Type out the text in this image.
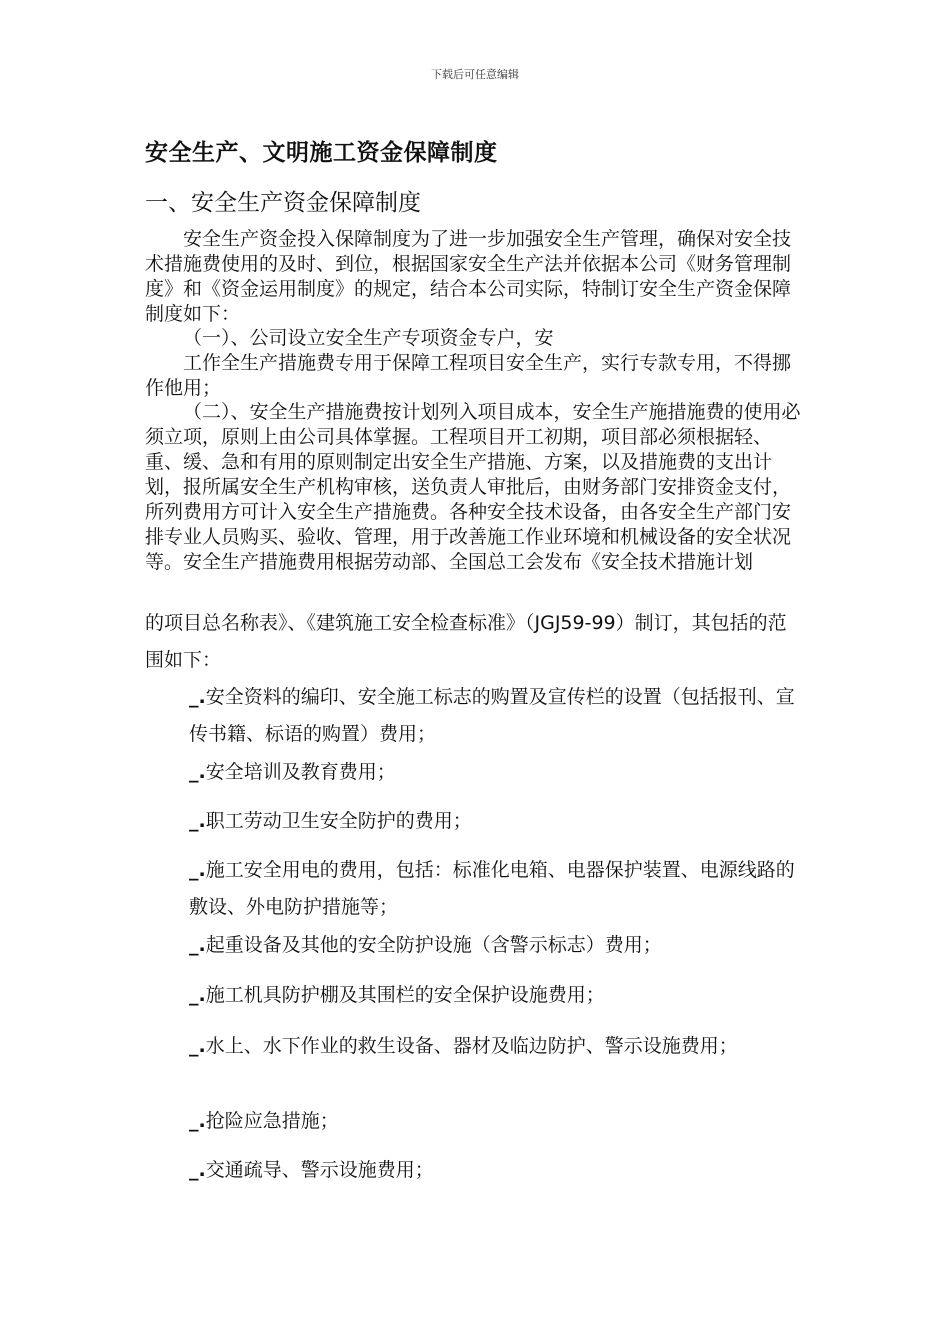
下载后可任意编辑
安全生产、文明施工资金保障制度
一、安全生产资金保障制度

安全生产资金投入保障制度为了进一步加强安全生产管理，确保对安全技术措施费使用的及时、到位，根据国家安全生产法并依据本公司《财务管理制度》和《资金运用制度》的规定，结合本公司实际，特制订安全生产资金保障制度如下：

（一）、公司设立安全生产专项资金专户，安

工作全生产措施费专用于保障工程项目安全生产，实行专款专用，不得挪作他用；

（二）、安全生产措施费按计划列入项目成本，安全生产施措施费的使用必须立项，原则上由公司具体掌握。工程项目开工初期，项目部必须根据轻、重、缓、急和有用的原则制定出安全生产措施、方案，以及措施费的支出计划，报所属安全生产机构审核，送负责人审批后，由财务部门安排资金支付，所列费用方可计入安全生产措施费。各种安全技术设备，由各安全生产部门安排专业人员购买、验收、管理，用于改善施工作业环境和机械设备的安全状况等。安全生产措施费用根据劳动部、全国总工会发布《安全技术措施计划

的项目总名称表》、《建筑施工安全检查标准》（JGJ59-99）制订，其包括的范围如下：

_.安全资料的编印、安全施工标志的购置及宣传栏的设置（包括报刊、宣传书籍、标语的购置）费用；
_.安全培训及教育费用；
_.职工劳动卫生安全防护的费用；
_.施工安全用电的费用，包括：标准化电箱、电器保护装置、电源线路的敷设、外电防护措施等；
_.起重设备及其他的安全防护设施（含警示标志）费用；
_.施工机具防护棚及其围栏的安全保护设施费用；
_.水上、水下作业的救生设备、器材及临边防护、警示设施费用；
_.抢险应急措施；
_.交通疏导、警示设施费用；
